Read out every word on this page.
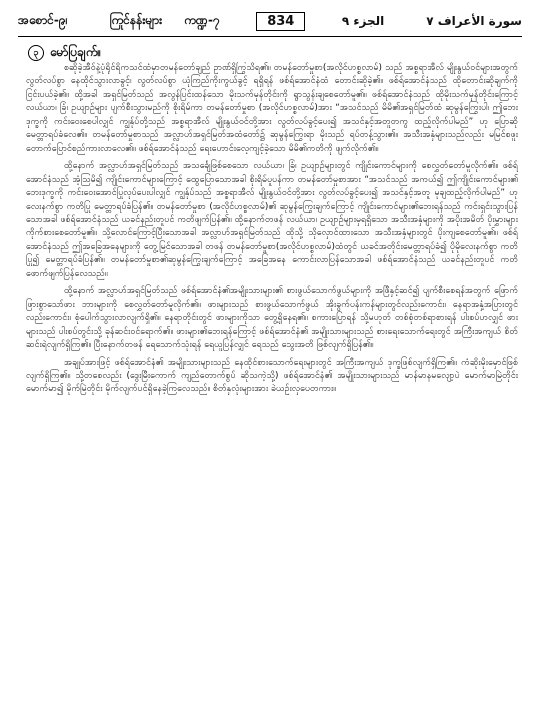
အစောင်-၉၊	ကြုင်နန်းများ ကဏ္ဍ-၇	834	الجزء ٩	سورة الأعراف ٧
၃ မော်ပြချက်။

စဆိုခဲ့အီဝ်နဲ့ပုံရိုင်ရိကသင်ထံမှာတမန်တော်ချည် ဥာဏ်ရှိကြွသိရ၏။ တမန်တော်မှုစာ(အလိုင်ဟစ္စလာမ်) သည် အစ္စရာအီလ် မျိုးနွယ်ဝင်များအတွက် လွတ်လပ်စွာ နေထိုင်သွားလာခွင့်၊ လွတ်လပ်စွာ ယုံကြည်ကိုးကွယ်ခွင့် ရရှိရန် ဖစ်ရ်အောင်နံထံ တောင်းဆိုခဲ့၏။ ဖစ်ရ်အောင်နံသည် ထိုတောင်းဆိုချက်ကို ငြင်းပယ်ခဲ့၏။ ထို့အခါ အရှင်မြတ်သည် အလွန်ပြင်းထန်သော မိုးသက်မုန်တိုင်းကို ရွာသွန်းချစေတော်မူ၏။ ဖစ်ရ်အောင်နံသည် ထိုမိုးသက်မုန်တိုင်းကြောင့် လယ်ယာ၊ ခြံ၊ ဥယျာဉ်များ ပျက်စီးသွားမည်ကို စိုးရိမ်ကာ တမန်တော်မှုစာ (အလိုင်ဟစ္စလာမ်)အား “အသင်သည် မိမိ၏အရှင်မြတ်ထံ ဆုမွန်ကြွေးပါ၊ ဤဘေးဒုက္ခကို ကင်းဝေးစေပါလျှင် ကျွန်ုပ်တို့သည် အစ္စရာအီလ် မျိုးနွယ်ဝင်တို့အား လွတ်လပ်ခွင့်ပေး၍ အသင်နှင့်အတူတကွ ထည့်လိုက်ပါမည်” ဟု ပြောဆို မေတ္တာရပ်ခံလေ၏။ တမန်တော်မှုစာသည် အလ္လာဟ်အရှင်မြတ်အထံတော်၌ ဆုမွန်ကြွေးရာ မိုးသည် ရပ်တန့်သွား၏။ အသီးအနှံများသည်လည်း မမြင်စဖူး တောက်ပြောင်စည်ကားလာလေ၏။ ဖစ်ရ်အောင်နံသည် ရေးဟောင်းလေ့ကျင့်ခဲ့သော မိမိ၏ကတိကို ဖျက်လိုက်၏။

ထို့နောက် အလ္လာဟ်အရှင်မြတ်သည် အသင်္ချေဖြစ်စေသော လယ်ယာ၊ ခြံ၊ ဥယျာဉ်များတွင် ကျိုင်းကောင်များကို စေလွှတ်တော်မူလိုက်၏။ ဖစ်ရ်အောင်နံသည် အံ့ဩမိ၍ ကျိုင်းကောင်များကြောင့် ထွေပြောသောအခါ စိုးရိမ်ပူပန်ကာ တမန်တော်မှုစာအား “အသင်သည် အကယ်၍ ဤကျိုင်းကောင်များ၏ ဘေးဒုက္ခကို ကင်းဝေးအောင်ပြုလုပ်ပေးပါလျှင် ကျွန်ုပ်သည် အစ္စရာအီလ် မျိုးနွယ်ဝင်တို့အား လွတ်လပ်ခွင့်ပေး၍ အသင်နှင့်အတူ မုချထည့်လိုက်ပါမည်” ဟု လေးနက်စွာ ကတိပြု မေတ္တာရပ်ခံပြန်၏။ တမန်တော်မှုစာ (အလိုင်ဟစ္စလာမ်)၏ ဆုမွန်ကြွေးချက်ကြောင့် ကျိုင်းကောင်များ၏ဘေးရန်သည် ကင်းရှင်းသွားပြန်သောအခါ ဖစ်ရ်အောင်နံသည် ယခင်နည်းတူပင် ကတိဖျက်ပြန်၏။ ထို့နောက်တဖန် လယ်ယာ၊ ဥယျာဉ်များမှရရှိသော အသီးအနှံများကို အပိုးအမိတ် ပိုးမွှားများ ကိုက်စားစေတော်မူ၏။ သို့လောင်ကြောင့်ပြီးသောအခါ အလ္လာဟ်အရှင်မြတ်သည် ထိုသို့ သိုလှောင်ထားသော အသီးအနှံများတွင် ပိုးကျစေတော်မူ၏။ ဖစ်ရ်အောင်နံသည် ဤအခြေအနေများကို တွေ့မြင်သောအခါ တဖန် တမန်တော်မှုစာ(အလိုင်ဟစ္စလာမ်)ထံတွင် ယခင်အတိုင်းမေတ္တာရပ်ခံ၍ ပိုမိုလေးနက်စွာ ကတိပြု၍ မေတ္တာရပ်ခံပြန်၏။ တမန်တော်မှုစာ၏ဆုမွန်ကြွေးချက်ကြောင့် အခြေအနေ ကောင်းလာပြန်သောအခါ ဖစ်ရ်အောင်နံသည် ယခင်နည်းတူပင် ကတိဖောက်ဖျက်ပြန်လေသည်။

ထို့နောက် အလ္လာဟ်အရှင်မြတ်သည် ဖစ်ရ်အောင်နံ၏အမျိုးသားများ၏ စားဖွယ်သောက်ဖွယ်များကို အဖြီနှင့်ဆင်၍ ပျက်စီးစေရန်အတွက် ဖြောက်ဖြားစွာသော်ဖား ဘားများကို စေလွှတ်တော်မူလိုက်၏။ ဖားများသည် စားဖွယ်သောက်ဖွယ် အိုးခွက်ပန်းကန်များတွင်လည်းကောင်း၊ နေရာအနှံ့အပြားတွင်လည်းကောင်း၊ စုံပေါက်သွားလာလျက်ရှိ၏။ နေရာတိုင်းတွင် ဖားများကိုသာ တွေ့ရှိနေရ၏။ စကားပြောရန် သို့မဟုတ် တစ်စုံတစ်ရာစားရန် ပါးစပ်ဟလျှင် ဖားများသည် ပါးစပ်တွင်းသို့ ခုန်ဆင်းဝင်ရောက်၏။ ဖားများ၏ဘေးရန်ကြောင့် ဖစ်ရ်အောင်နံ၏ အမျိုးသားများသည် စားရေးသောက်ရေးတွင် အကြီးအကျယ် စိတ်ဆင်းရဲလျက်ရှိကြ၏။ ပြီးနောက်တဖန် ရေသောက်သုံးရန် ရေယူပြန်လျှင် ရေသည် သွေးအတိ ဖြစ်လျက်ရှိပြန်၏။

အချုပ်အားဖြင့် ဖစ်ရ်အောင်နံ၏ အမျိုးသားများသည် နေထိုင်စားသောက်ရေးများတွင် အကြီးအကျယ် ဒုက္ခဖြစ်လျက်ရှိကြ၏။ ကံဆိုးမိုးမှောင်ဖြစ်လျက်ရှိကြ၏။ သို့တစေလည်း (ဒွေးမြီးကောက် ကျည်တောက်စွပ် ဆိုသကဲ့သို့) ဖစ်ရ်အောင်နံ၏ အမျိုးသားများသည် မာန်မာနမလျော့ပဲ မောက်မာမြဲတိုင်း မောက်မာ၍ မိုက်မြဲတိုင်း မိုက်လျက်ပင်ရှိနေခဲ့ကြလေသည်။ စိတ်နှလုံးများအား ခဲယဉ်းလှပေတကား။
